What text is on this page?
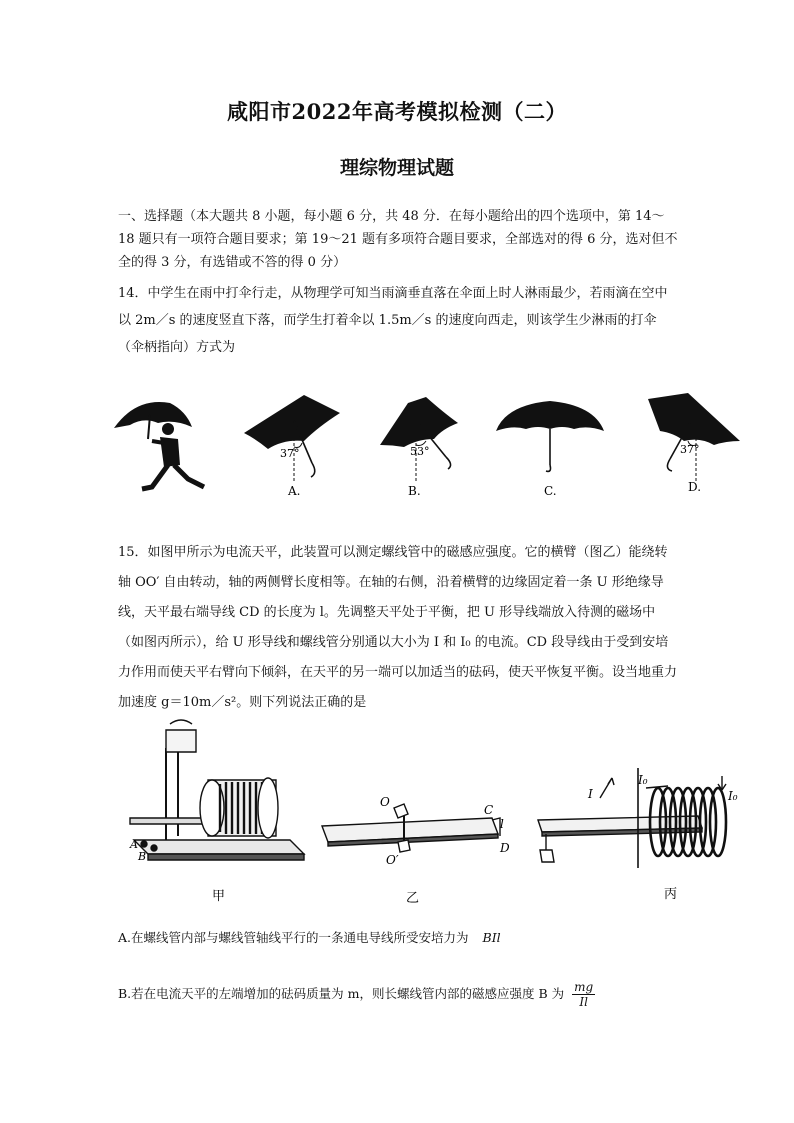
咸阳市2022年高考模拟检测（二）
理综物理试题
一、选择题（本大题共 8 小题，每小题 6 分，共 48 分．在每小题给出的四个选项中，第 14～18 题只有一项符合题目要求；第 19～21 题有多项符合题目要求，全部选对的得 6 分，选对但不全的得 3 分，有选错或不答的得 0 分）
14．中学生在雨中打伞行走，从物理学可知当雨滴垂直落在伞面上时人淋雨最少，若雨滴在空中以 2m／s 的速度竖直下落，而学生打着伞以 1.5m／s 的速度向西走，则该学生少淋雨的打伞（伞柄指向）方式为
37°
A.
53°
B.	C.
37°
D.
15．如图甲所示为电流天平，此装置可以测定螺线管中的磁感应强度。它的横臂（图乙）能绕转轴 OO′ 自由转动，轴的两侧臂长度相等。在轴的右侧，沿着横臂的边缘固定着一条 U 形绝缘导线，天平最右端导线 CD 的长度为 l。先调整天平处于平衡，把 U 形导线端放入待测的磁场中（如图丙所示），给 U 形导线和螺线管分别通以大小为 I 和 I₀ 的电流。CD 段导线由于受到安培力作用而使天平右臂向下倾斜，在天平的另一端可以加适当的砝码，使天平恢复平衡。设当地重力加速度 g＝10m／s²。则下列说法正确的是
A
B
甲
O
O′
C
l
D
乙
I
I₀
I₀
丙
A.在螺线管内部与螺线管轴线平行的一条通电导线所受安培力为 BIl
B.若在电流天平的左端增加的砝码质量为 m，则长螺线管内部的磁感应强度 B 为 $\frac{mg}{Il}$
